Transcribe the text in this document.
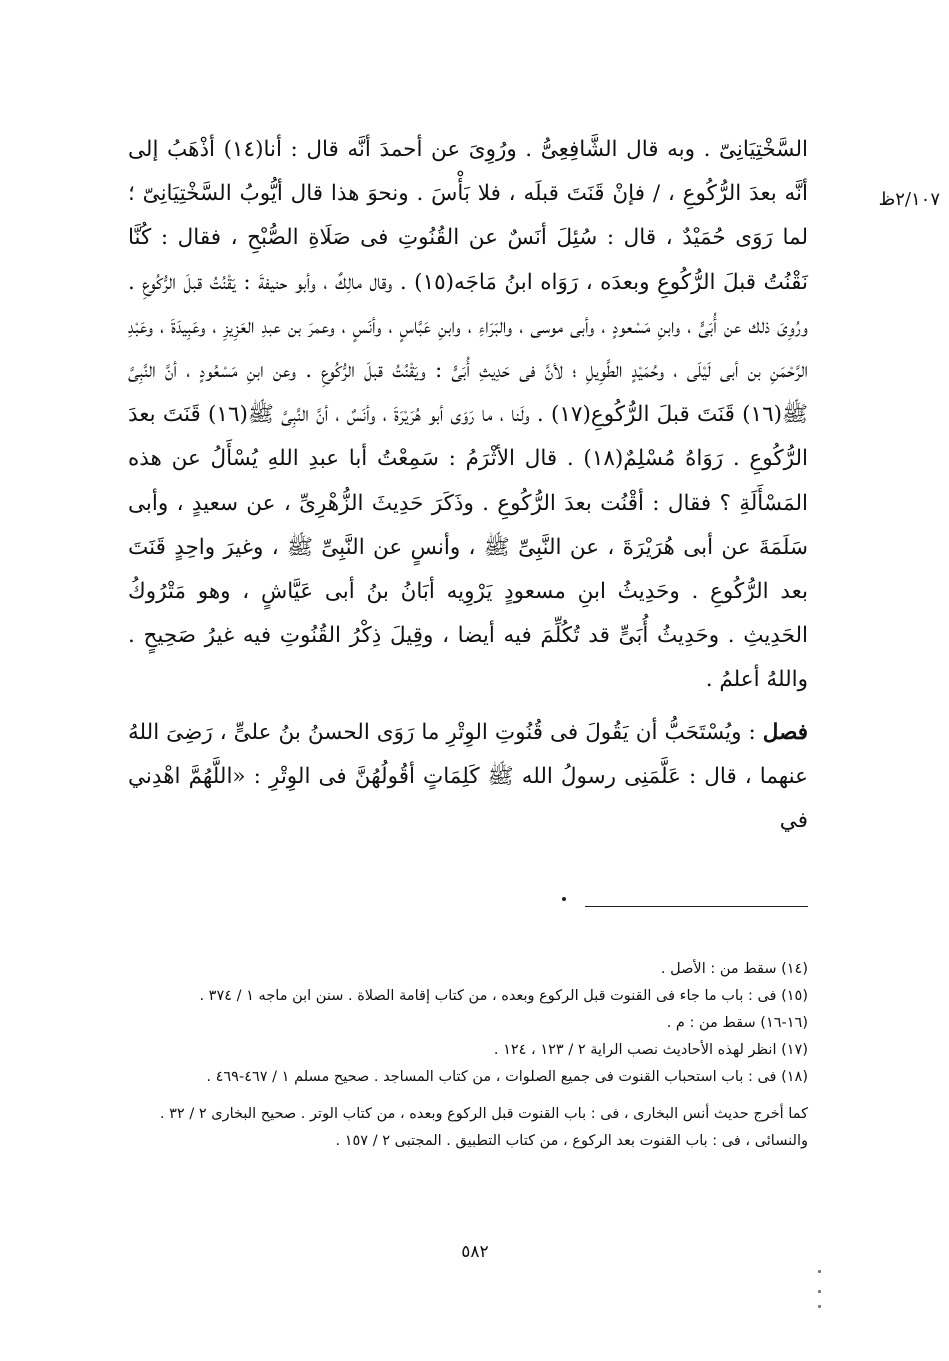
السَّخْتِيَانِىّ . وبه قال الشَّافِعِىُّ . ورُوِىَ عن أحمدَ أنَّه قال : أنا(١٤) أذْهَبُ إلى أنَّه بعدَ الرُّكُوعِ ، / فإنْ قَنَتَ قبلَه ، فلا بَأْسَ . ونحوَ هذا قال أيُّوبُ السَّخْتِيَانِىّ ؛ لما رَوَى حُمَيْدٌ ، قال : سُئِلَ أنَسٌ عن القُنُوتِ فى صَلَاةِ الصُّبْحِ ، فقال : كُنَّا نَقْنُتُ قبلَ الرُّكُوعِ وبعدَه ، رَوَاه ابنُ مَاجَه(١٥) . وقال مالِكٌ ، وأبو حنيفةَ : يَقْنُتُ قبلَ الرُّكُوعِ . ورُوِىَ ذلك عن أُبَىٍّ ، وابنِ مَسْعودٍ ، وأبى موسى ، والبَرَاءِ ، وابنِ عَبَّاسٍ ، وأنَسٍ ، وعمرَ بن عبدِ العَزِيزِ ، وعَبِيدَةَ ، وعَبْدِ الرَّحْمَنِ بن أبى لَيْلَى ، وحُمَيْدٍ الطَّوِيلِ ؛ لأنَّ فى حَدِيثِ أُبَىٍّ : ويَقْنُتُ قبلَ الرُّكُوعِ . وعن ابنِ مَسْعُودٍ ، أنَّ النَّبِىَّ ﷺ(١٦) قَنَتَ قبلَ الرُّكُوعِ(١٧) . ولَنا ، ما رَوَى أبو هُرَيْرَةَ ، وأنَسٌ ، أنَّ النَّبِىَّ ﷺ(١٦) قَنَتَ بعدَ الرُّكُوعِ . رَوَاهُ مُسْلِمٌ(١٨) . قال الأثْرَمُ : سَمِعْتُ أبا عبدِ اللهِ يُسْأَلُ عن هذه المَسْأَلَةِ ؟ فقال : أقْنُت بعدَ الرُّكُوعِ . وذَكَرَ حَدِيثَ الزُّهْرِىِّ ، عن سعيدٍ ، وأبى سَلَمَةَ عن أبى هُرَيْرَةَ ، عن النَّبِىِّ ﷺ ، وأنسٍ عن النَّبِىِّ ﷺ ، وغيرَ واحِدٍ قَنَتَ بعد الرُّكُوعِ . وحَدِيثُ ابنِ مسعودٍ يَرْوِيه أبَانُ بنُ أبى عَيَّاشٍ ، وهو مَتْرُوكُ الحَدِيثِ . وحَدِيثُ أُبَىٍّ قد تُكُلِّمَ فيه أيضا ، وقِيلَ ذِكْرُ القُنُوتِ فيه غيرُ صَحِيحٍ . واللهُ أعلمُ .

فصل : ويُسْتَحَبُّ أن يَقُولَ فى قُنُوتِ الوِتْرِ ما رَوَى الحسنُ بنُ علىٍّ ، رَضِىَ اللهُ عنهما ، قال : عَلَّمَنِى رسولُ الله ﷺ كَلِمَاتٍ أقُولُهُنَّ فى الوِتْرِ : «اللَّهُمَّ اهْدِني في

٢/١٠٧ظ

(١٤) سقط من : الأصل .

(١٥) فى : باب ما جاء فى القنوت قبل الركوع وبعده ، من كتاب إقامة الصلاة . سنن ابن ماجه ١ / ٣٧٤ .

(١٦-١٦) سقط من : م .

(١٧) انظر لهذه الأحاديث نصب الراية ٢ / ١٢٣ ، ١٢٤ .

(١٨) فى : باب استحباب القنوت فى جميع الصلوات ، من كتاب المساجد . صحيح مسلم ١ / ٤٦٧-٤٦٩ .

كما أخرج حديث أنس البخارى ، فى : باب القنوت قبل الركوع وبعده ، من كتاب الوتر . صحيح البخارى ٢ / ٣٢ . والنسائى ، فى : باب القنوت بعد الركوع ، من كتاب التطبيق . المجتبى ٢ / ١٥٧ .

٥٨٢
